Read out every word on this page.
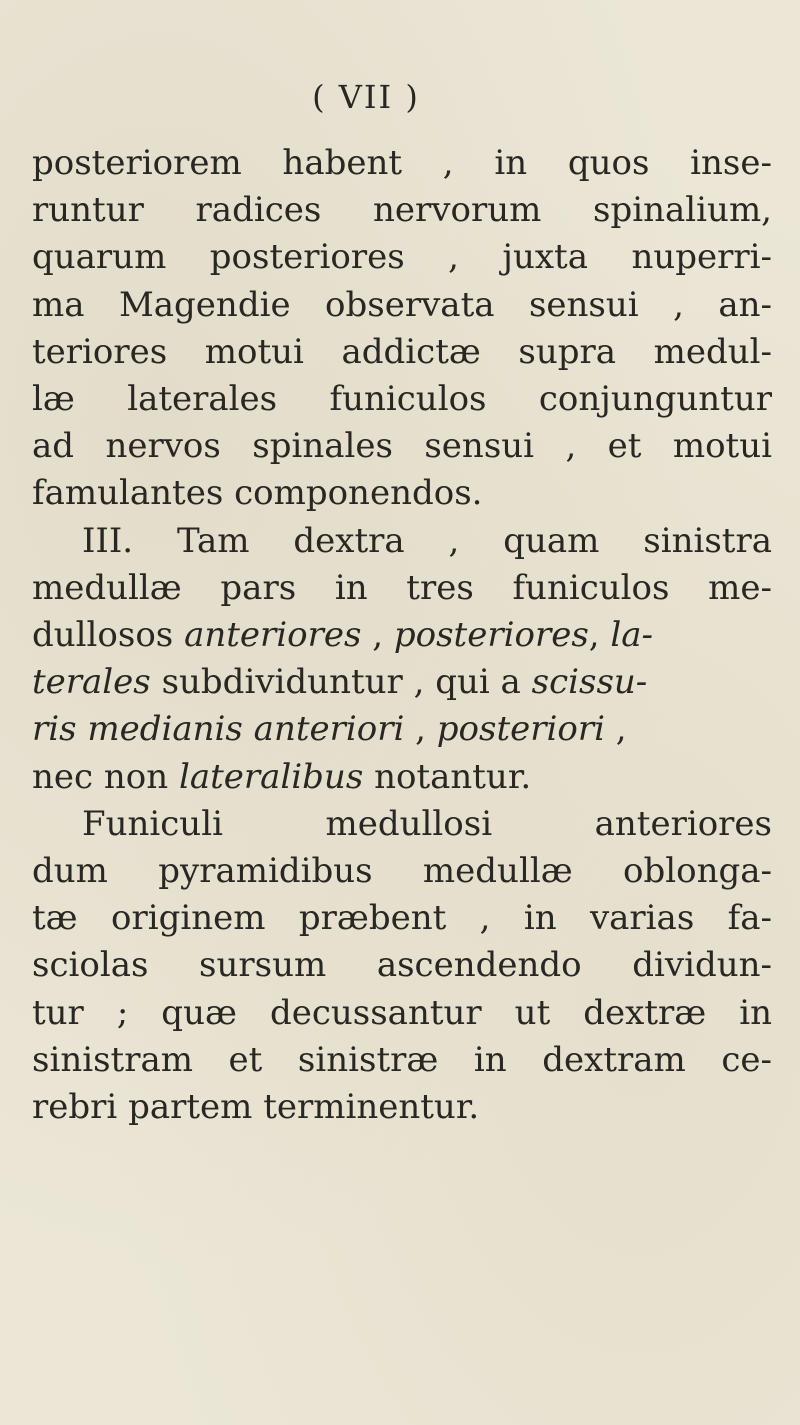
( VII )
posteriorem habent , in quos inse-
runtur radices nervorum spinalium,
quarum posteriores , juxta nuperri-
ma Magendie observata sensui , an-
teriores motui addictæ supra medul-
læ laterales funiculos conjunguntur
ad nervos spinales sensui , et motui
famulantes componendos.
III. Tam dextra , quam sinistra
medullæ pars in tres funiculos me-
dullosos anteriores , posteriores, la-
terales subdividuntur , qui a scissu-
ris medianis anteriori , posteriori ,
nec non lateralibus notantur.
Funiculi medullosi anteriores
dum pyramidibus medullæ oblonga-
tæ originem præbent , in varias fa-
sciolas sursum ascendendo dividun-
tur ; quæ decussantur ut dextræ in
sinistram et sinistræ in dextram ce-
rebri partem terminentur.
